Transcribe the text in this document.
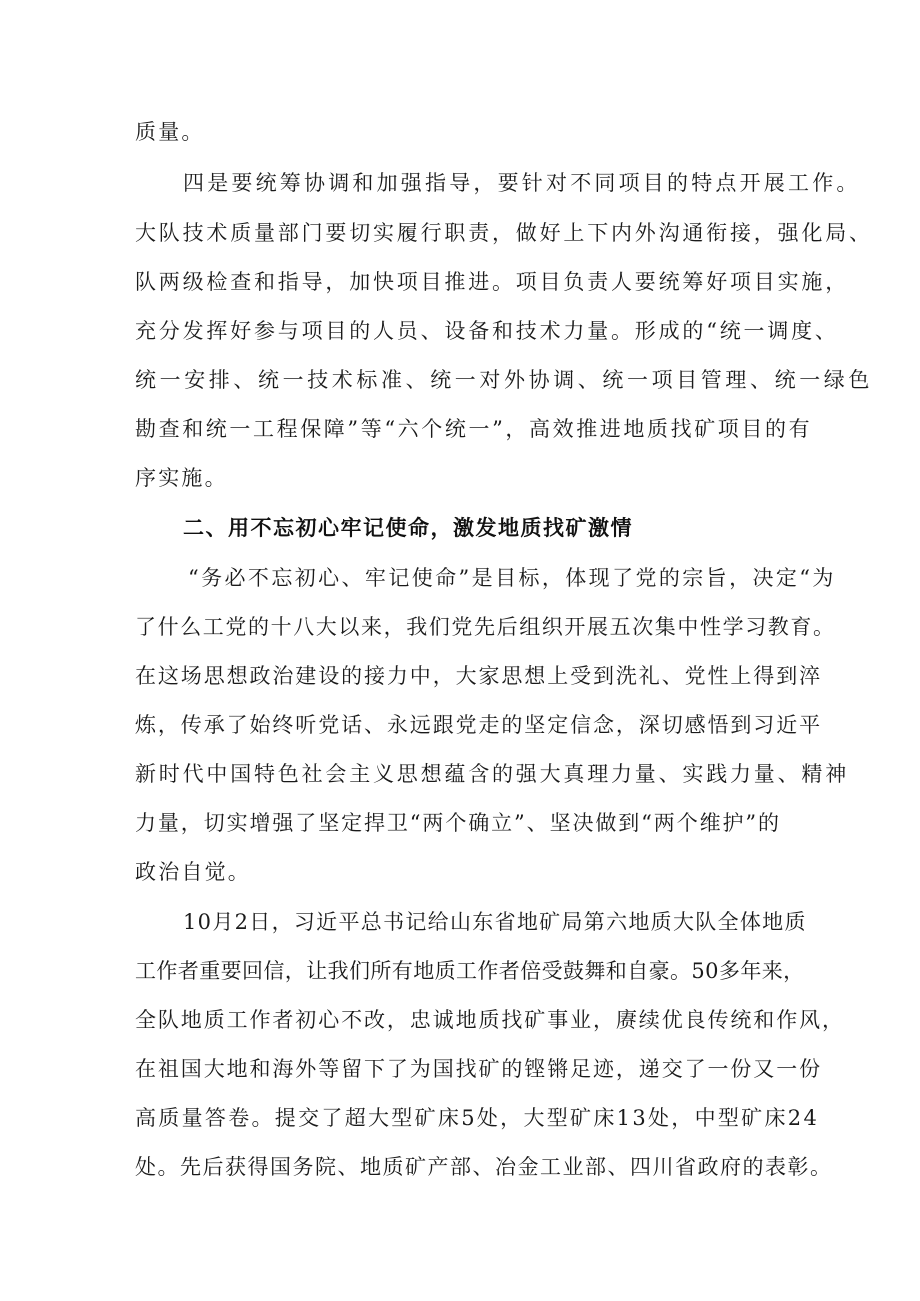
质量。

四是要统筹协调和加强指导，要针对不同项目的特点开展工作。

大队技术质量部门要切实履行职责，做好上下内外沟通衔接，强化局、

队两级检查和指导，加快项目推进。项目负责人要统筹好项目实施，

充分发挥好参与项目的人员、设备和技术力量。形成的“统一调度、

统一安排、统一技术标准、统一对外协调、统一项目管理、统一绿色

勘查和统一工程保障”等“六个统一”，高效推进地质找矿项目的有

序实施。

二、用不忘初心牢记使命，激发地质找矿激情

“务必不忘初心、牢记使命”是目标，体现了党的宗旨，决定“为

了什么工党的十八大以来，我们党先后组织开展五次集中性学习教育。

在这场思想政治建设的接力中，大家思想上受到洗礼、党性上得到淬

炼，传承了始终听党话、永远跟党走的坚定信念，深切感悟到习近平

新时代中国特色社会主义思想蕴含的强大真理力量、实践力量、精神

力量，切实增强了坚定捍卫“两个确立”、坚决做到“两个维护”的

政治自觉。

10月2日，习近平总书记给山东省地矿局第六地质大队全体地质

工作者重要回信，让我们所有地质工作者倍受鼓舞和自豪。50多年来，

全队地质工作者初心不改，忠诚地质找矿事业，赓续优良传统和作风，

在祖国大地和海外等留下了为国找矿的铿锵足迹，递交了一份又一份

高质量答卷。提交了超大型矿床5处，大型矿床13处，中型矿床24

处。先后获得国务院、地质矿产部、冶金工业部、四川省政府的表彰。
